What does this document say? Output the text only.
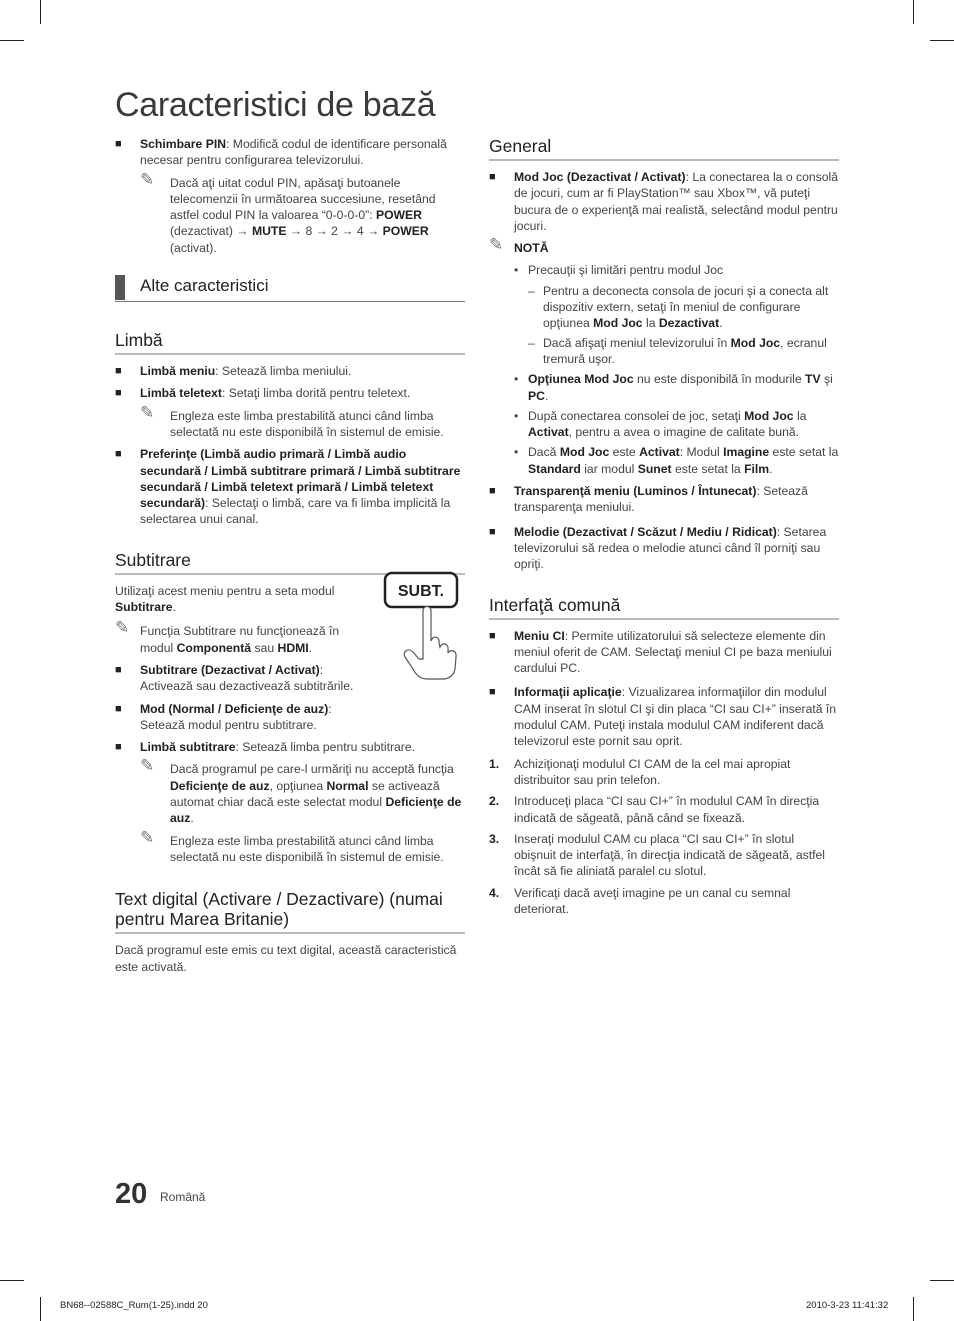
Caracteristici de bază
■ Schimbare PIN: Modifică codul de identificare personală necesar pentru configurarea televizorului.
✎ Dacă aţi uitat codul PIN, apăsaţi butoanele telecomenzii în următoarea succesiune, resetând astfel codul PIN la valoarea “0-0-0-0”: POWER (dezactivat) → MUTE → 8 → 2 → 4 → POWER (activat).
Alte caracteristici
Limbă
■ Limbă meniu: Setează limba meniului.
■ Limbă teletext: Setaţi limba dorită pentru teletext.
✎ Engleza este limba prestabilită atunci când limba selectată nu este disponibilă în sistemul de emisie.
■ Preferinţe (Limbă audio primară / Limbă audio secundară / Limbă subtitrare primară / Limbă subtitrare secundară / Limbă teletext primară / Limbă teletext secundară): Selectaţi o limbă, care va fi limba implicită la selectarea unui canal.
Subtitrare
SUBT.
Utilizaţi acest meniu pentru a seta modul Subtitrare.
✎ Funcţia Subtitrare nu funcţionează în modul Componentă sau HDMI.
■ Subtitrare (Dezactivat / Activat): Activează sau dezactivează subtitrările.
■ Mod (Normal / Deficienţe de auz): Setează modul pentru subtitrare.
■ Limbă subtitrare: Setează limba pentru subtitrare.
✎ Dacă programul pe care-l urmăriţi nu acceptă funcţia Deficienţe de auz, opţiunea Normal se activează automat chiar dacă este selectat modul Deficienţe de auz.
✎ Engleza este limba prestabilită atunci când limba selectată nu este disponibilă în sistemul de emisie.
Text digital (Activare / Dezactivare) (numai pentru Marea Britanie)
Dacă programul este emis cu text digital, această caracteristică este activată.
General
■ Mod Joc (Dezactivat / Activat): La conectarea la o consolă de jocuri, cum ar fi PlayStation™ sau Xbox™, vă puteţi bucura de o experienţă mai realistă, selectând modul pentru jocuri.
✎ NOTĂ
• Precauţii şi limitări pentru modul Joc
– Pentru a deconecta consola de jocuri şi a conecta alt dispozitiv extern, setaţi în meniul de configurare opţiunea Mod Joc la Dezactivat.
– Dacă afişaţi meniul televizorului în Mod Joc, ecranul tremură uşor.
• Opţiunea Mod Joc nu este disponibilă în modurile TV şi PC.
• După conectarea consolei de joc, setaţi Mod Joc la Activat, pentru a avea o imagine de calitate bună.
• Dacă Mod Joc este Activat: Modul Imagine este setat la Standard iar modul Sunet este setat la Film.
■ Transparenţă meniu (Luminos / Întunecat): Setează transparenţa meniului.
■ Melodie (Dezactivat / Scăzut / Mediu / Ridicat): Setarea televizorului să redea o melodie atunci când îl porniţi sau opriţi.
Interfaţă comună
■ Meniu CI: Permite utilizatorului să selecteze elemente din meniul oferit de CAM. Selectaţi meniul CI pe baza meniului cardului PC.
■ Informaţii aplicaţie: Vizualizarea informaţiilor din modulul CAM inserat în slotul CI şi din placa “CI sau CI+” inserată în modulul CAM. Puteţi instala modulul CAM indiferent dacă televizorul este pornit sau oprit.
1. Achiziţionaţi modulul CI CAM de la cel mai apropiat distribuitor sau prin telefon.
2. Introduceţi placa “CI sau CI+” în modulul CAM în direcţia indicată de săgeată, până când se fixează.
3. Inseraţi modulul CAM cu placa “CI sau CI+” în slotul obişnuit de interfaţă, în direcţia indicată de săgeată, astfel încât să fie aliniată paralel cu slotul.
4. Verificaţi dacă aveţi imagine pe un canal cu semnal deteriorat.
20 Română
BN68--02588C_Rum(1-25).indd 20	2010-3-23 11:41:32
